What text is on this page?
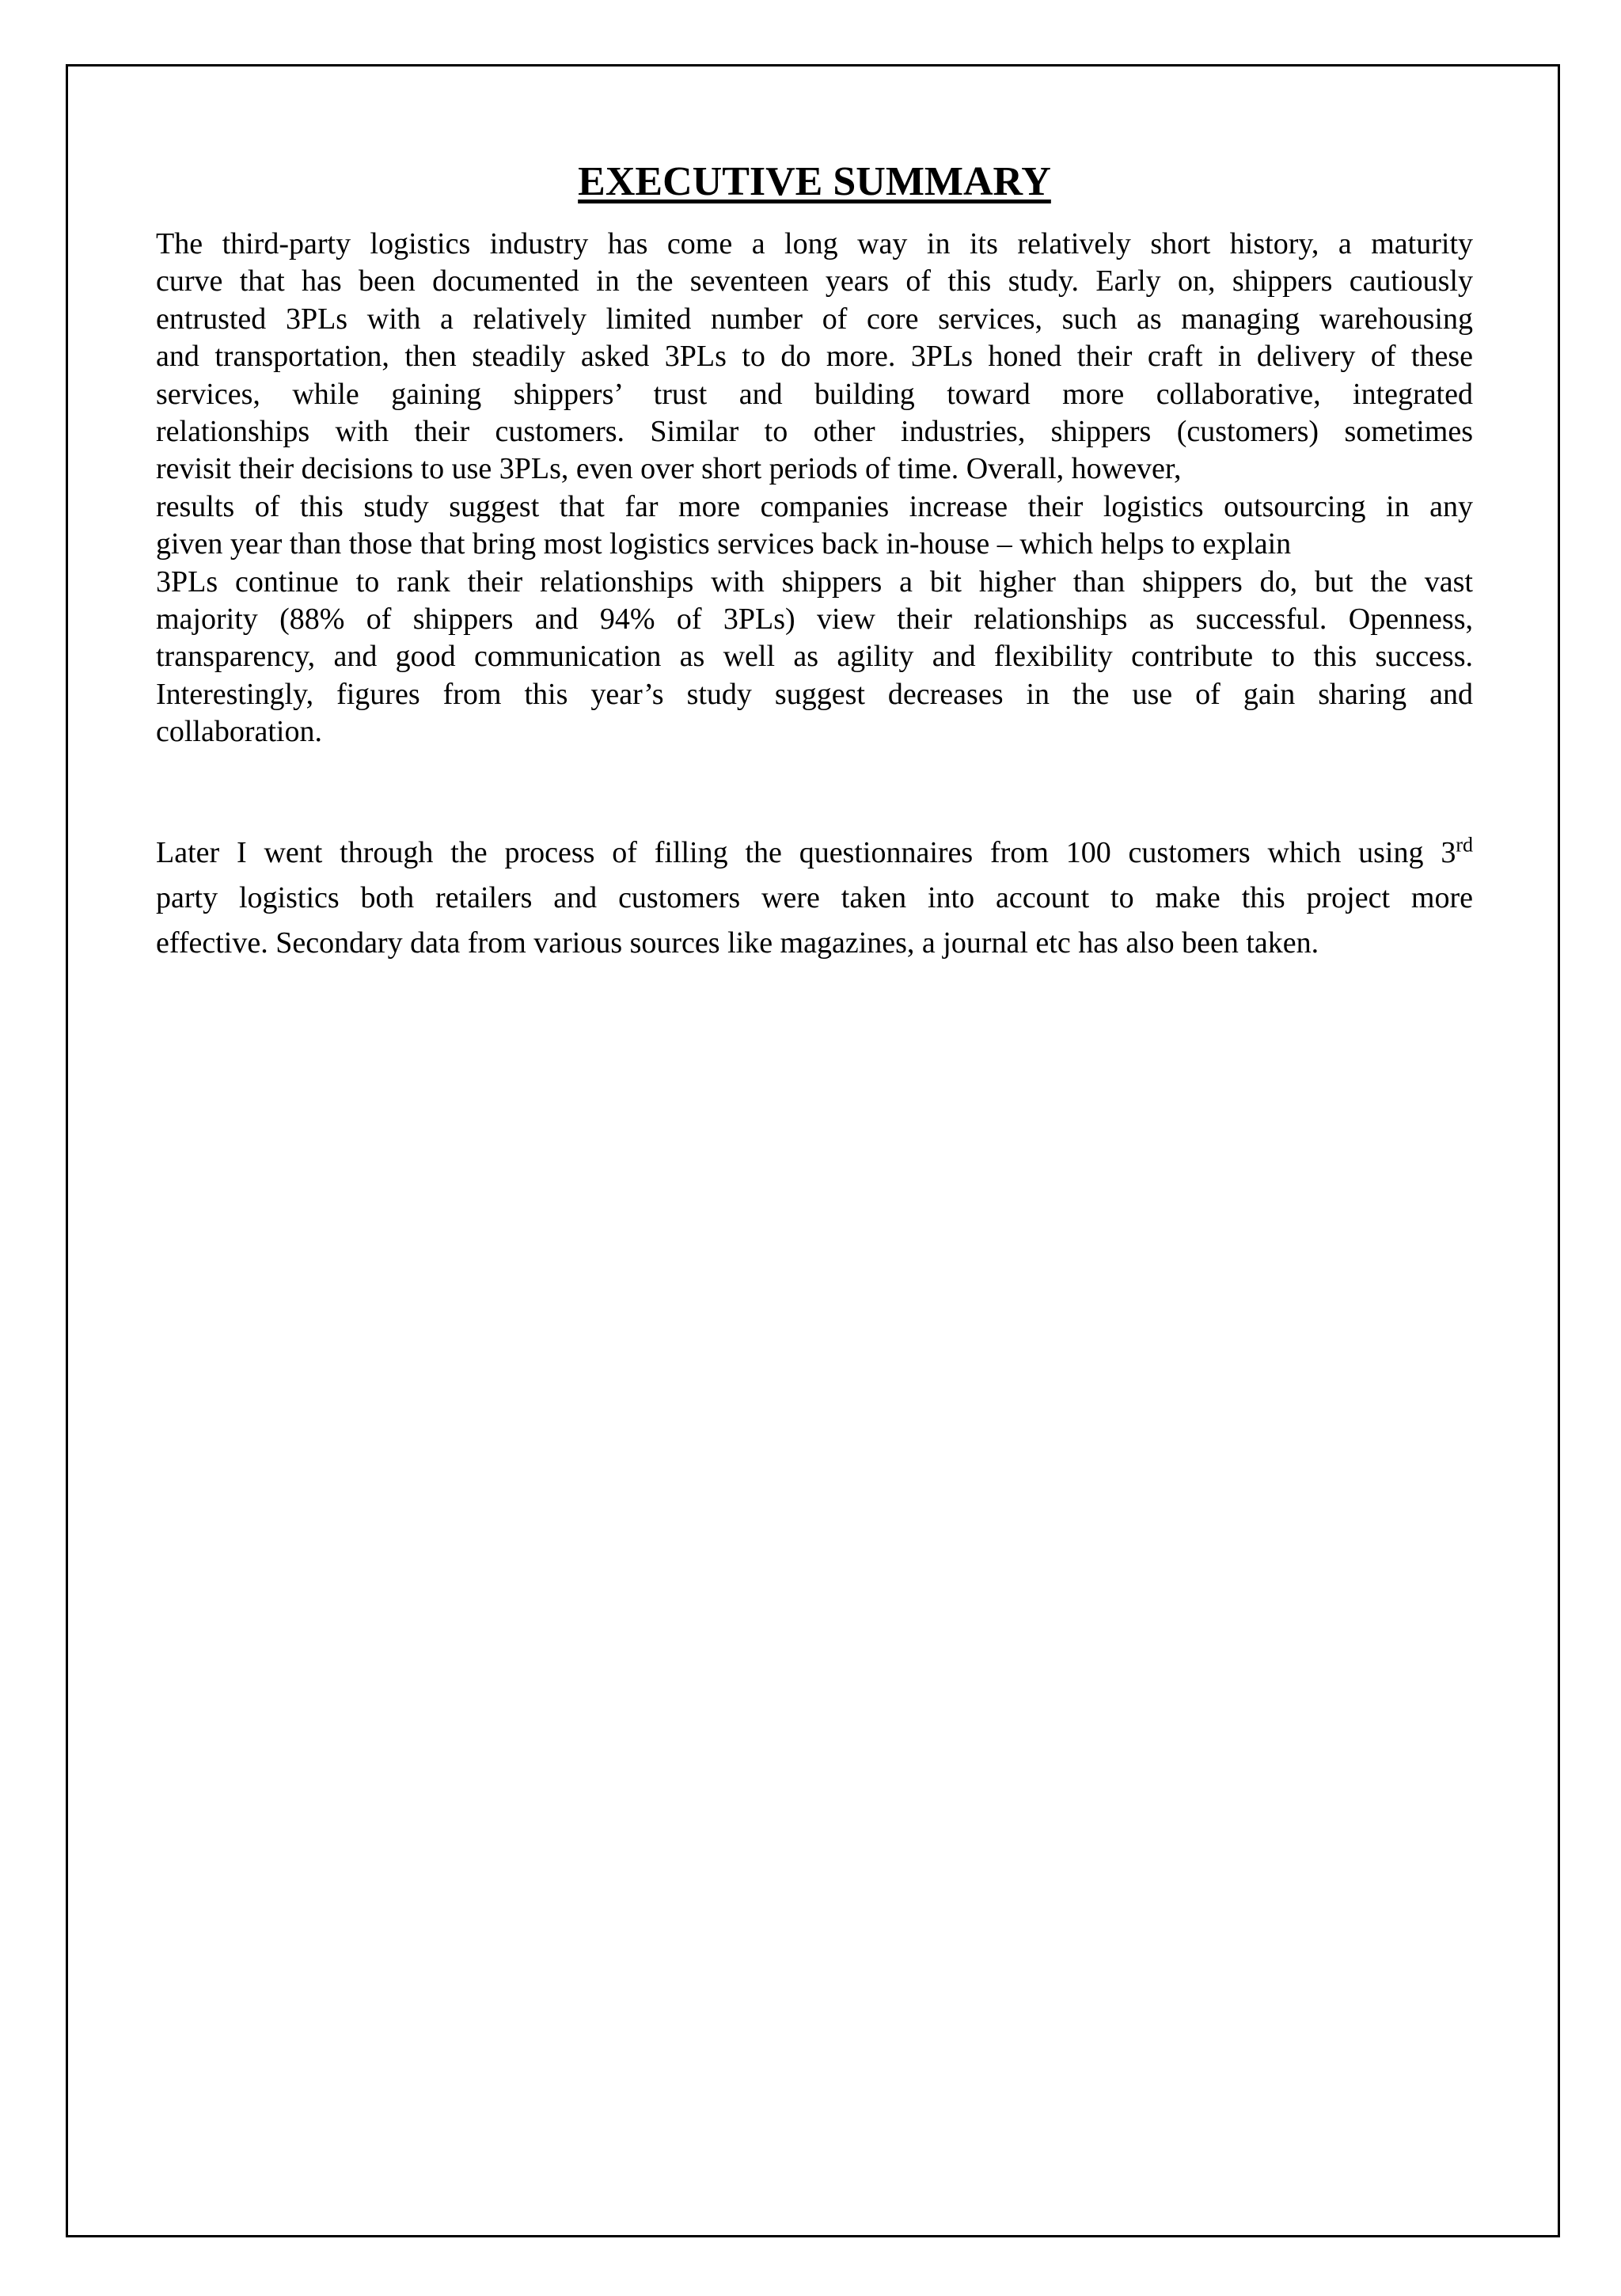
EXECUTIVE SUMMARY

The third-party logistics industry has come a long way in its relatively short history, a maturity
curve that has been documented in the seventeen years of this study. Early on, shippers cautiously
entrusted 3PLs with a relatively limited number of core services, such as managing warehousing
and transportation, then steadily asked 3PLs to do more. 3PLs honed their craft in delivery of these
services, while gaining shippers’ trust and building toward more collaborative, integrated
relationships with their customers. Similar to other industries, shippers (customers) sometimes
revisit their decisions to use 3PLs, even over short periods of time. Overall, however,
results of this study suggest that far more companies increase their logistics outsourcing in any
given year than those that bring most logistics services back in-house – which helps to explain
3PLs continue to rank their relationships with shippers a bit higher than shippers do, but the vast
majority (88% of shippers and 94% of 3PLs) view their relationships as successful. Openness,
transparency, and good communication as well as agility and flexibility contribute to this success.
Interestingly, figures from this year’s study suggest decreases in the use of gain sharing and
collaboration.

Later I went through the process of filling the questionnaires from 100 customers which using 3rd
party logistics both retailers and customers were taken into account to make this project more
effective. Secondary data from various sources like magazines, a journal etc has also been taken.
